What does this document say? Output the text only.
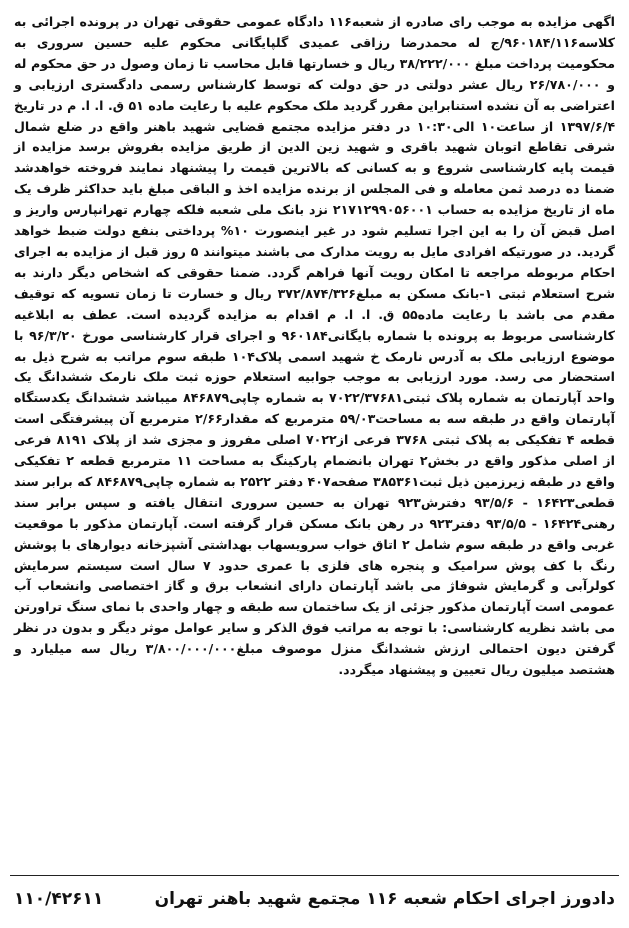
اگهی مزایده به موجب رای صادره از شعبه۱۱۶ دادگاه عمومی حقوقی تهران در پرونده اجرائی به کلاسه۹۶۰۱۸۴/۱۱۶/ج له محمدرضا رزاقی عمیدی گلپایگانی محکوم علیه حسین سروری به محکومیت پرداخت مبلغ ۳۸/۲۲۲/۰۰۰ ریال و خسارتها قابل محاسب تا زمان وصول در حق محکوم له و ۲۶/۷۸۰/۰۰۰ ریال عشر دولتی در حق دولت که توسط کارشناس رسمی دادگستری ارزیابی و اعتراضی به آن نشده استنابراین مقرر گردید ملک محکوم علیه با رعایت ماده ۵۱ ق. ا. ا. م در تاریخ ۱۳۹۷/۶/۴ از ساعت۱۰ الی۱۰:۳۰ در دفتر مزایده مجتمع قضایی شهید باهنر واقع در ضلع شمال شرقی تقاطع اتوبان شهید باقری و شهید زین الدین از طریق مزایده بفروش برسد مزایده از قیمت پایه کارشناسی شروع و به کسانی که بالاترین قیمت را پیشنهاد نمایند فروخته خواهدشد ضمنا ده درصد ثمن معامله و فی المجلس از برنده مزایده اخذ و الباقی مبلغ باید حداکثر ظرف یک ماه از تاریخ مزایده به حساب ۲۱۷۱۲۹۹۰۵۶۰۰۱ نزد بانک ملی شعبه فلکه چهارم تهرانپارس واریز و اصل قبض آن را به این اجرا تسلیم شود در غیر اینصورت ۱۰% پرداختی بنفع دولت ضبط خواهد گردید. در صورتیکه افرادی مایل به رویت مدارک می باشند میتوانند ۵ روز قبل از مزایده به اجرای احکام مربوطه مراجعه تا امکان رویت آنها فراهم گردد. ضمنا حقوقی که اشخاص دیگر دارند به شرح استعلام ثبتی ۱-بانک مسکن به مبلغ۳۷۲/۸۷۴/۳۲۶ ریال و خسارت تا زمان تسویه که توقیف مقدم می باشد با رعایت ماده۵۵ ق. ا. ا. م اقدام به مزایده گردیده است. عطف به ابلاغیه کارشناسی مربوط به پرونده با شماره بایگانی۹۶۰۱۸۴ و اجرای قرار کارشناسی مورخ ۹۶/۳/۲۰ با موضوع ارزیابی ملک به آدرس نارمک خ شهید اسمی پلاک۱۰۴ طبقه سوم مراتب به شرح ذیل به استحضار می رسد. مورد ارزیابی به موجب جوابیه استعلام حوزه ثبت ملک نارمک ششدانگ یک واحد آپارتمان به شماره پلاک ثبتی۷۰۲۲/۳۷۶۸۱ به شماره چاپی۸۴۶۸۷۹ میباشد ششدانگ یکدستگاه آپارتمان واقع در طبقه سه به مساحت۵۹/۰۳ مترمربع که مقدار۲/۶۶ مترمربع آن پیشرفتگی است قطعه ۴ تفکیکی به پلاک ثبتی ۳۷۶۸ فرعی از۷۰۲۲ اصلی مفروز و مجزی شد از پلاک ۸۱۹۱ فرعی از اصلی مذکور واقع در بخش۲ تهران بانضمام پارکینگ به مساحت ۱۱ مترمربع قطعه ۲ تفکیکی واقع در طبقه زیرزمین ذیل ثبت۳۸۵۳۶۱ صفحه۴۰۷ دفتر ۲۵۲۲ به شماره چاپی۸۴۶۸۷۹ که برابر سند قطعی۱۶۴۲۳ - ۹۳/۵/۶ دفترش۹۲۳ تهران به حسین سروری انتقال یافته و سپس برابر سند رهنی۱۶۴۲۴ - ۹۳/۵/۵ دفتر۹۲۳ در رهن بانک مسکن قرار گرفته است. آپارتمان مذکور با موقعیت غربی واقع در طبقه سوم شامل ۲ اتاق خواب سرویسهاب بهداشتی آشپزخانه دیوارهای با پوشش رنگ با کف پوش سرامیک و پنجره های فلزی با عمری حدود ۷ سال است سیستم سرمایش کولرآبی و گرمایش شوفاژ می باشد آپارتمان دارای انشعاب برق و گاز اختصاصی وانشعاب آب عمومی است آپارتمان مذکور جزئی از یک ساختمان سه طبقه و چهار واحدی با نمای سنگ تراورتن می باشد نظریه کارشناسی: با توجه به مراتب فوق الذکر و سایر عوامل موثر دیگر و بدون در نظر گرفتن دیون احتمالی ارزش ششدانگ منزل موصوف مبلغ۳/۸۰۰/۰۰۰/۰۰۰ ریال سه میلیارد و هشتصد میلیون ریال تعیین و پیشنهاد میگردد.

دادورز اجرای احکام شعبه ۱۱۶ مجتمع شهید باهنر تهران
۱۱۰/۴۲۶۱۱
